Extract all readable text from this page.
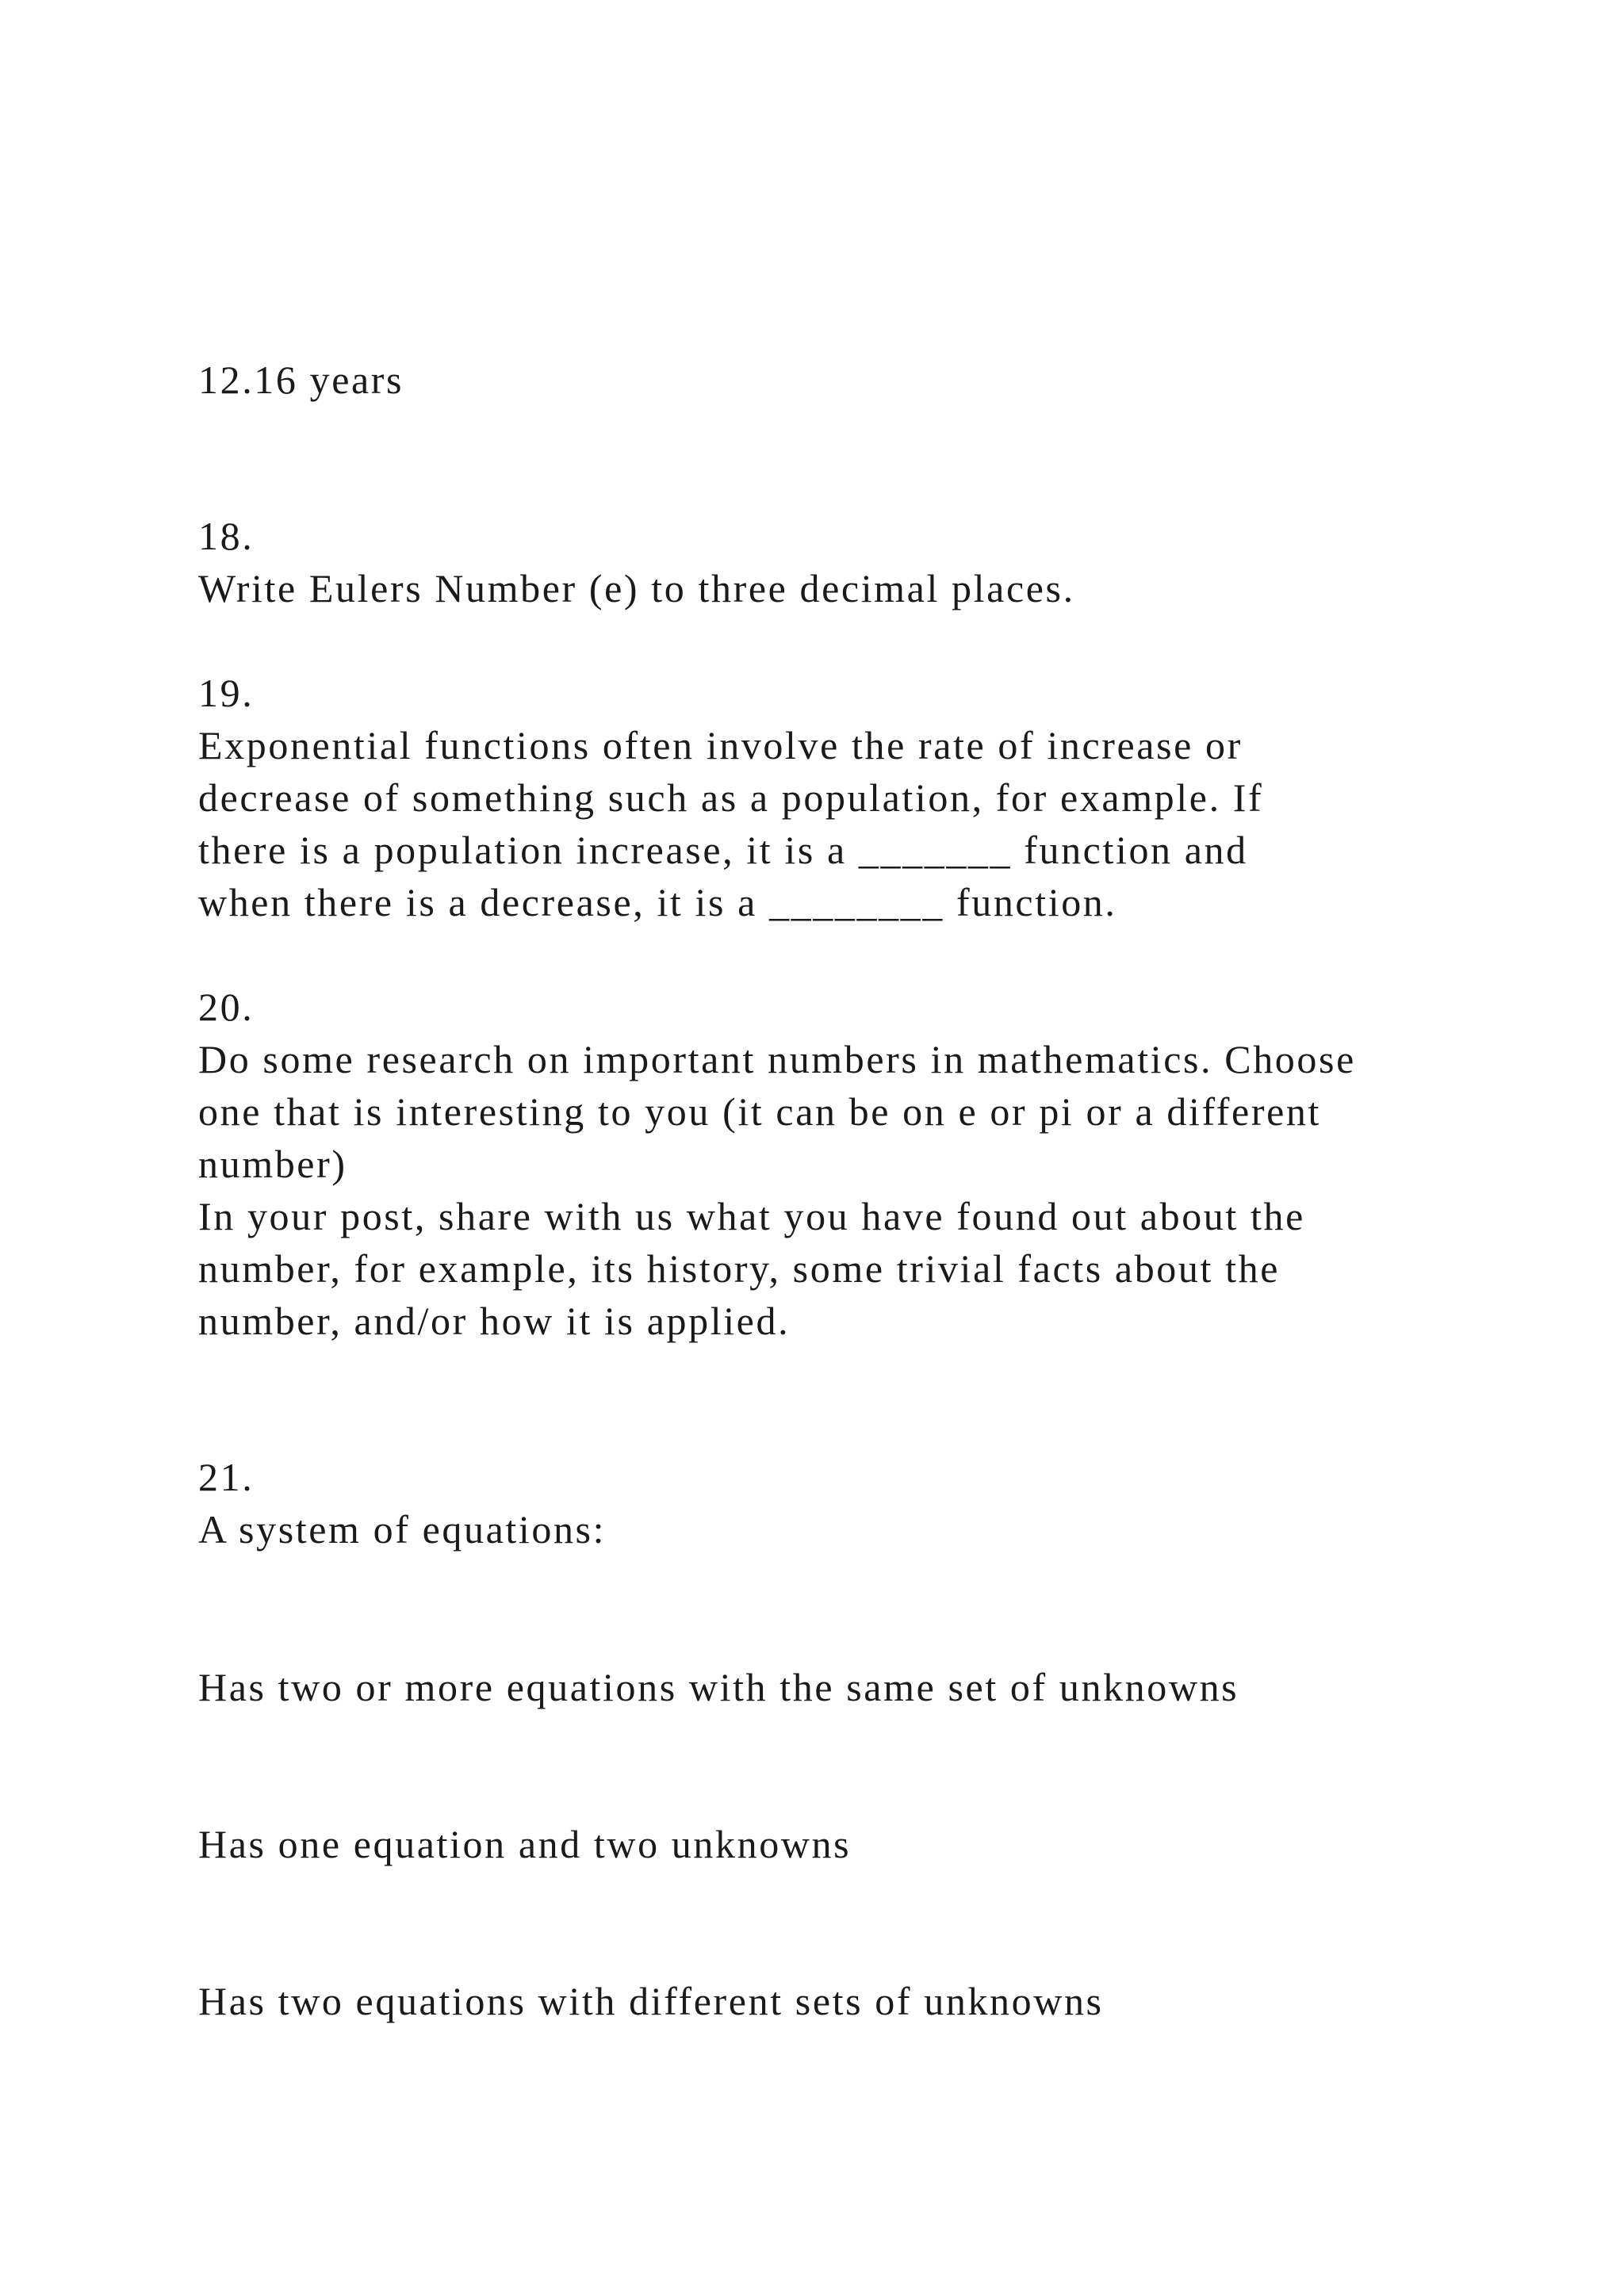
12.16 years
18.
Write Eulers Number (e) to three decimal places.
19.
Exponential functions often involve the rate of increase or
decrease of something such as a population, for example. If
there is a population increase, it is a _______ function and
when there is a decrease, it is a ________ function.
20.
Do some research on important numbers in mathematics. Choose
one that is interesting to you (it can be on e or pi or a different
number)
In your post, share with us what you have found out about the
number, for example, its history, some trivial facts about the
number, and/or how it is applied.
21.
A system of equations:
Has two or more equations with the same set of unknowns
Has one equation and two unknowns
Has two equations with different sets of unknowns
